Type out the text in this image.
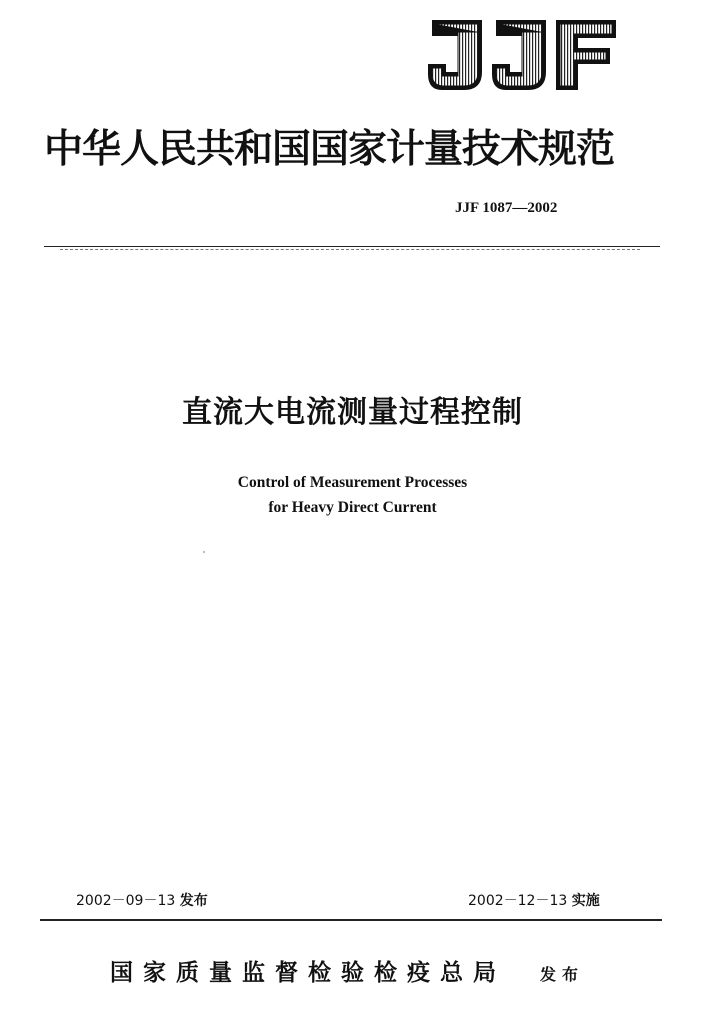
中华人民共和国国家计量技术规范
JJF 1087—2002
直流大电流测量过程控制
Control of Measurement Processes
for Heavy Direct Current
2002－09－13 发布	2002－12－13 实施
国家质量监督检验检疫总局 发布
